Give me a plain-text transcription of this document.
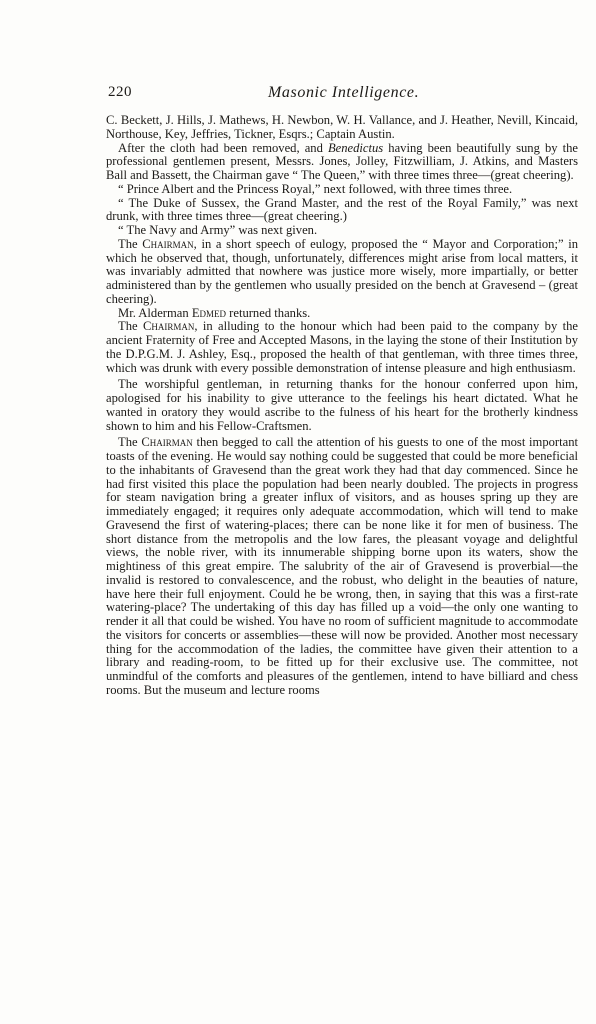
220	Masonic Intelligence.

C. Beckett, J. Hills, J. Mathews, H. Newbon, W. H. Vallance, and J. Heather, Nevill, Kincaid, Northouse, Key, Jeffries, Tickner, Esqrs.; Captain Austin.

After the cloth had been removed, and Benedictus having been beautifully sung by the professional gentlemen present, Messrs. Jones, Jolley, Fitzwilliam, J. Atkins, and Masters Ball and Bassett, the Chairman gave “ The Queen,” with three times three—(great cheering).

“ Prince Albert and the Princess Royal,” next followed, with three times three.

“ The Duke of Sussex, the Grand Master, and the rest of the Royal Family,” was next drunk, with three times three—(great cheering.)

“ The Navy and Army” was next given.

The Chairman, in a short speech of eulogy, proposed the “ Mayor and Corporation;” in which he observed that, though, unfortunately, differences might arise from local matters, it was invariably admitted that nowhere was justice more wisely, more impartially, or better administered than by the gentlemen who usually presided on the bench at Gravesend – (great cheering).

Mr. Alderman Edmed returned thanks.

The Chairman, in alluding to the honour which had been paid to the company by the ancient Fraternity of Free and Accepted Masons, in the laying the stone of their Institution by the D.P.G.M. J. Ashley, Esq., proposed the health of that gentleman, with three times three, which was drunk with every possible demonstration of intense pleasure and high enthusiasm.

The worshipful gentleman, in returning thanks for the honour conferred upon him, apologised for his inability to give utterance to the feelings his heart dictated. What he wanted in oratory they would ascribe to the fulness of his heart for the brotherly kindness shown to him and his Fellow-Craftsmen.

The Chairman then begged to call the attention of his guests to one of the most important toasts of the evening. He would say nothing could be suggested that could be more beneficial to the inhabitants of Gravesend than the great work they had that day commenced. Since he had first visited this place the population had been nearly doubled. The projects in progress for steam navigation bring a greater influx of visitors, and as houses spring up they are immediately engaged; it requires only adequate accommodation, which will tend to make Gravesend the first of watering-places; there can be none like it for men of business. The short distance from the metropolis and the low fares, the pleasant voyage and delightful views, the noble river, with its innumerable shipping borne upon its waters, show the mightiness of this great empire. The salubrity of the air of Gravesend is proverbial—the invalid is restored to convalescence, and the robust, who delight in the beauties of nature, have here their full enjoyment. Could he be wrong, then, in saying that this was a first-rate watering-place? The undertaking of this day has filled up a void—the only one wanting to render it all that could be wished. You have no room of sufficient magnitude to accommodate the visitors for concerts or assemblies—these will now be provided. Another most necessary thing for the accommodation of the ladies, the committee have given their attention to a library and reading-room, to be fitted up for their exclusive use. The committee, not unmindful of the comforts and pleasures of the gentlemen, intend to have billiard and chess rooms. But the museum and lecture rooms
